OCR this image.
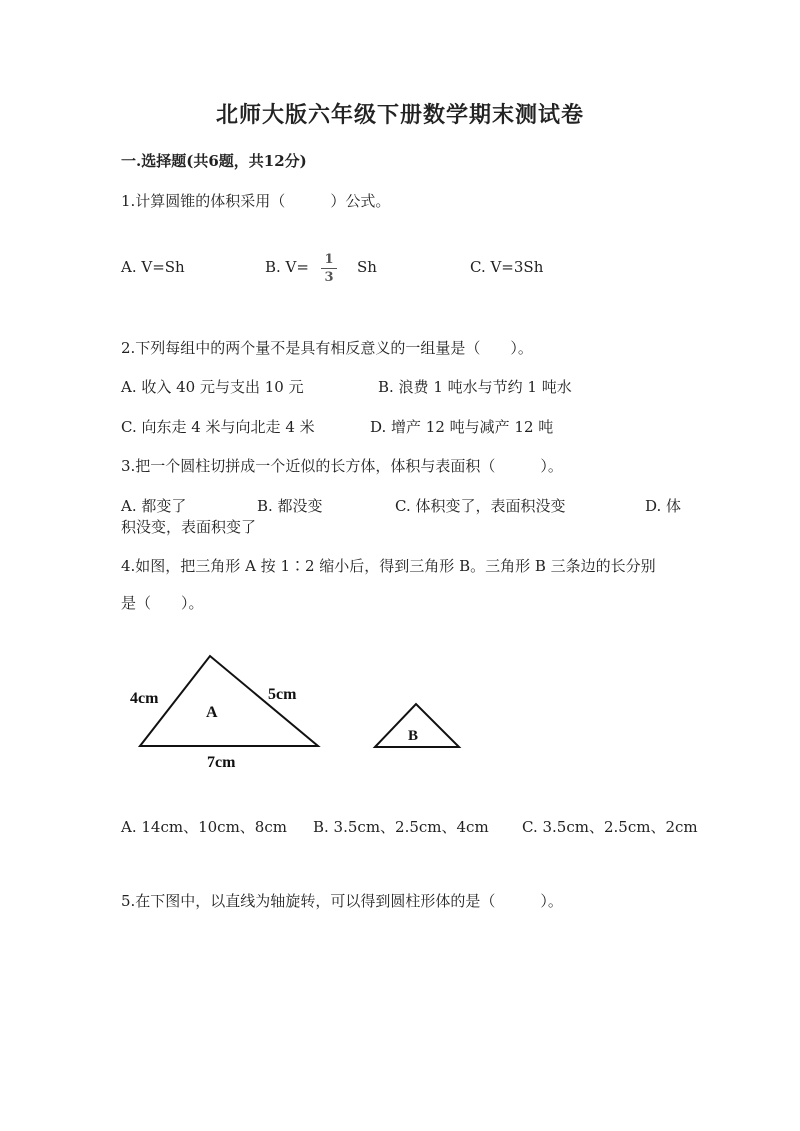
北师大版六年级下册数学期末测试卷
一.选择题(共6题，共12分)
1.计算圆锥的体积采用（　　　）公式。
A. V=Sh	B. V= 1
3
Sh	C. V=3Sh
2.下列每组中的两个量不是具有相反意义的一组量是（　　）。
A. 收入 40 元与支出 10 元	B. 浪费 1 吨水与节约 1 吨水
C. 向东走 4 米与向北走 4 米	D. 增产 12 吨与减产 12 吨
3.把一个圆柱切拼成一个近似的长方体，体积与表面积（　　　）。
A. 都变了	B. 都没变	C. 体积变了，表面积没变	D. 体
积没变，表面积变了
4.如图，把三角形 A 按 1∶2 缩小后，得到三角形 B。三角形 B 三条边的长分别
是（　　）。
4cm	5cm
7cm
A
B
A. 14cm、10cm、8cm B. 3.5cm、2.5cm、4cm C. 3.5cm、2.5cm、2cm
5.在下图中，以直线为轴旋转，可以得到圆柱形体的是（　　　）。
